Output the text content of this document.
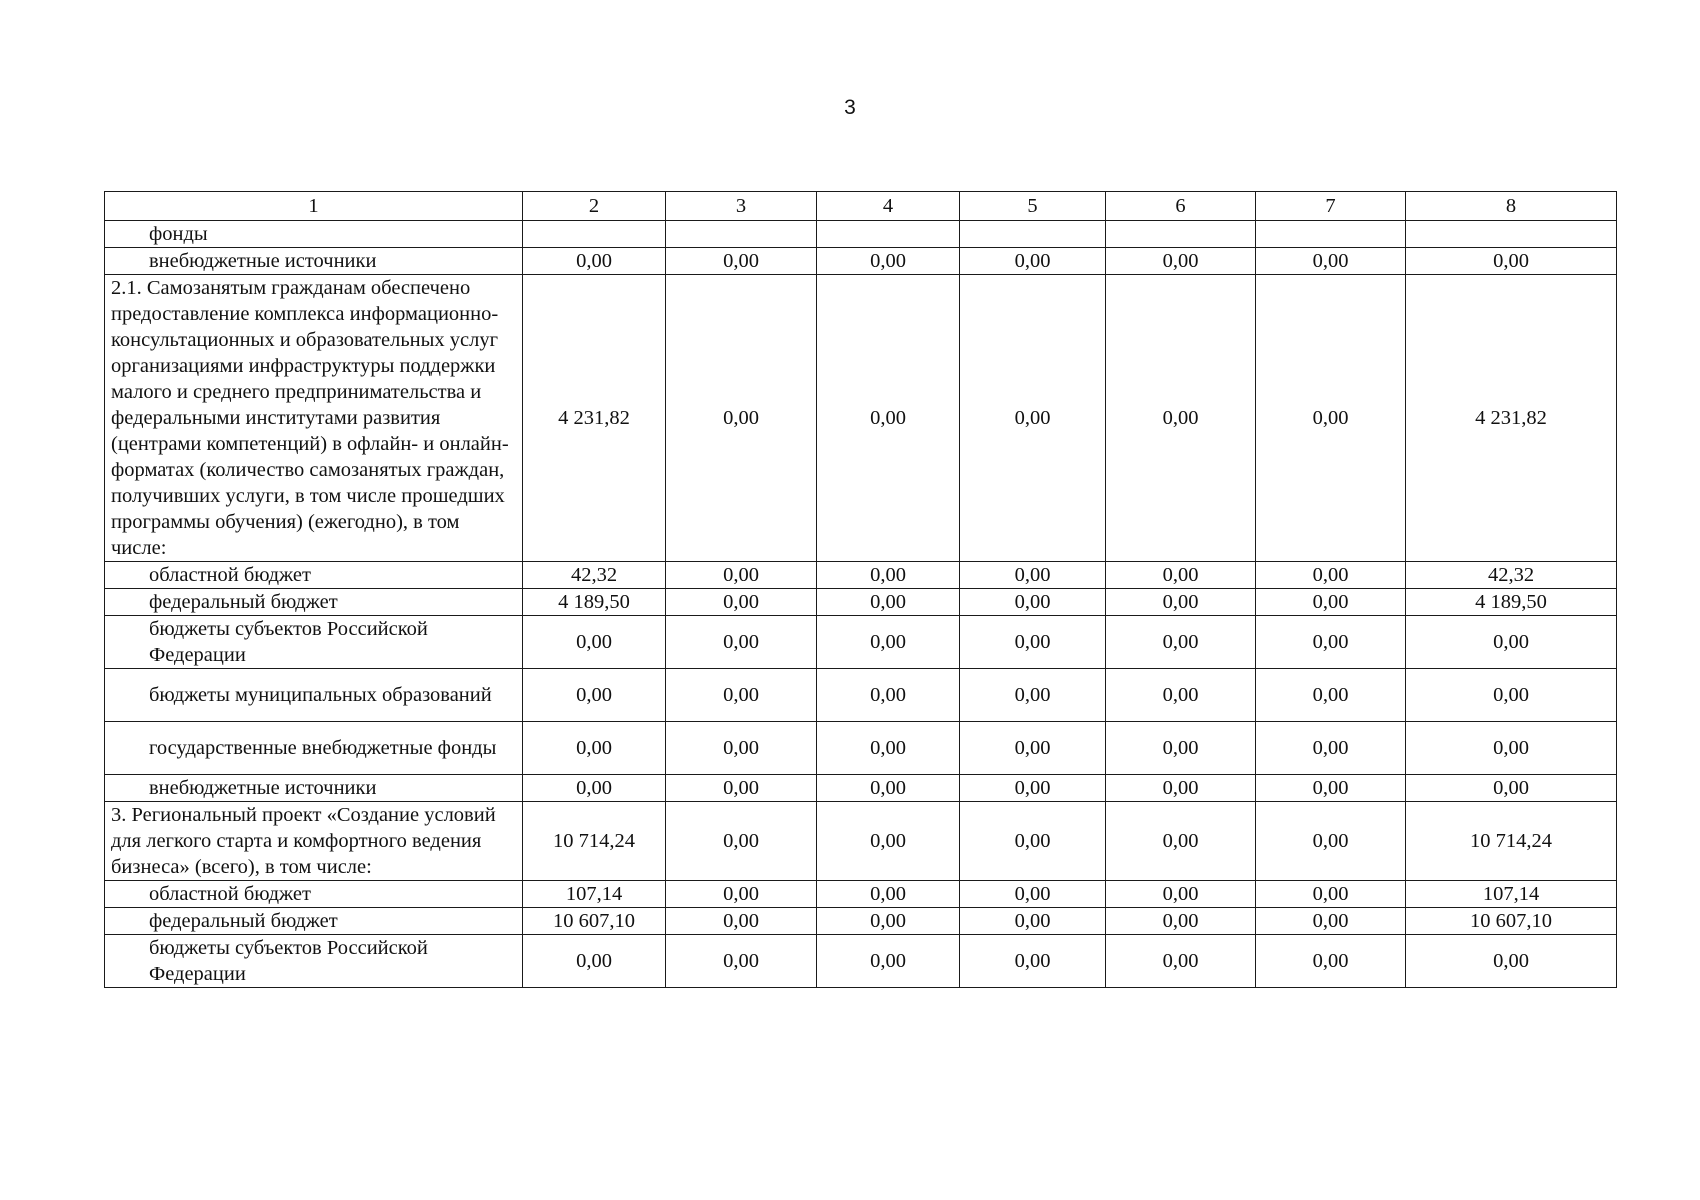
3
1	2	3	4	5	6	7	8
фонды							
внебюджетные источники	0,00	0,00	0,00	0,00	0,00	0,00	0,00
2.1. Самозанятым гражданам обеспечено предоставление комплекса информационно-консультационных и образовательных услуг организациями инфраструктуры поддержки малого и среднего предпринимательства и федеральными институтами развития (центрами компетенций) в офлайн- и онлайн-форматах (количество самозанятых граждан, получивших услуги, в том числе прошедших программы обучения) (ежегодно), в том числе:	4 231,82	0,00	0,00	0,00	0,00	0,00	4 231,82
областной бюджет	42,32	0,00	0,00	0,00	0,00	0,00	42,32
федеральный бюджет	4 189,50	0,00	0,00	0,00	0,00	0,00	4 189,50
бюджеты субъектов Российской Федерации	0,00	0,00	0,00	0,00	0,00	0,00	0,00
бюджеты муниципальных образований	0,00	0,00	0,00	0,00	0,00	0,00	0,00
государственные внебюджетные фонды	0,00	0,00	0,00	0,00	0,00	0,00	0,00
внебюджетные источники	0,00	0,00	0,00	0,00	0,00	0,00	0,00
3. Региональный проект «Создание условий для легкого старта и комфортного ведения бизнеса» (всего), в том числе:	10 714,24	0,00	0,00	0,00	0,00	0,00	10 714,24
областной бюджет	107,14	0,00	0,00	0,00	0,00	0,00	107,14
федеральный бюджет	10 607,10	0,00	0,00	0,00	0,00	0,00	10 607,10
бюджеты субъектов Российской Федерации	0,00	0,00	0,00	0,00	0,00	0,00	0,00
